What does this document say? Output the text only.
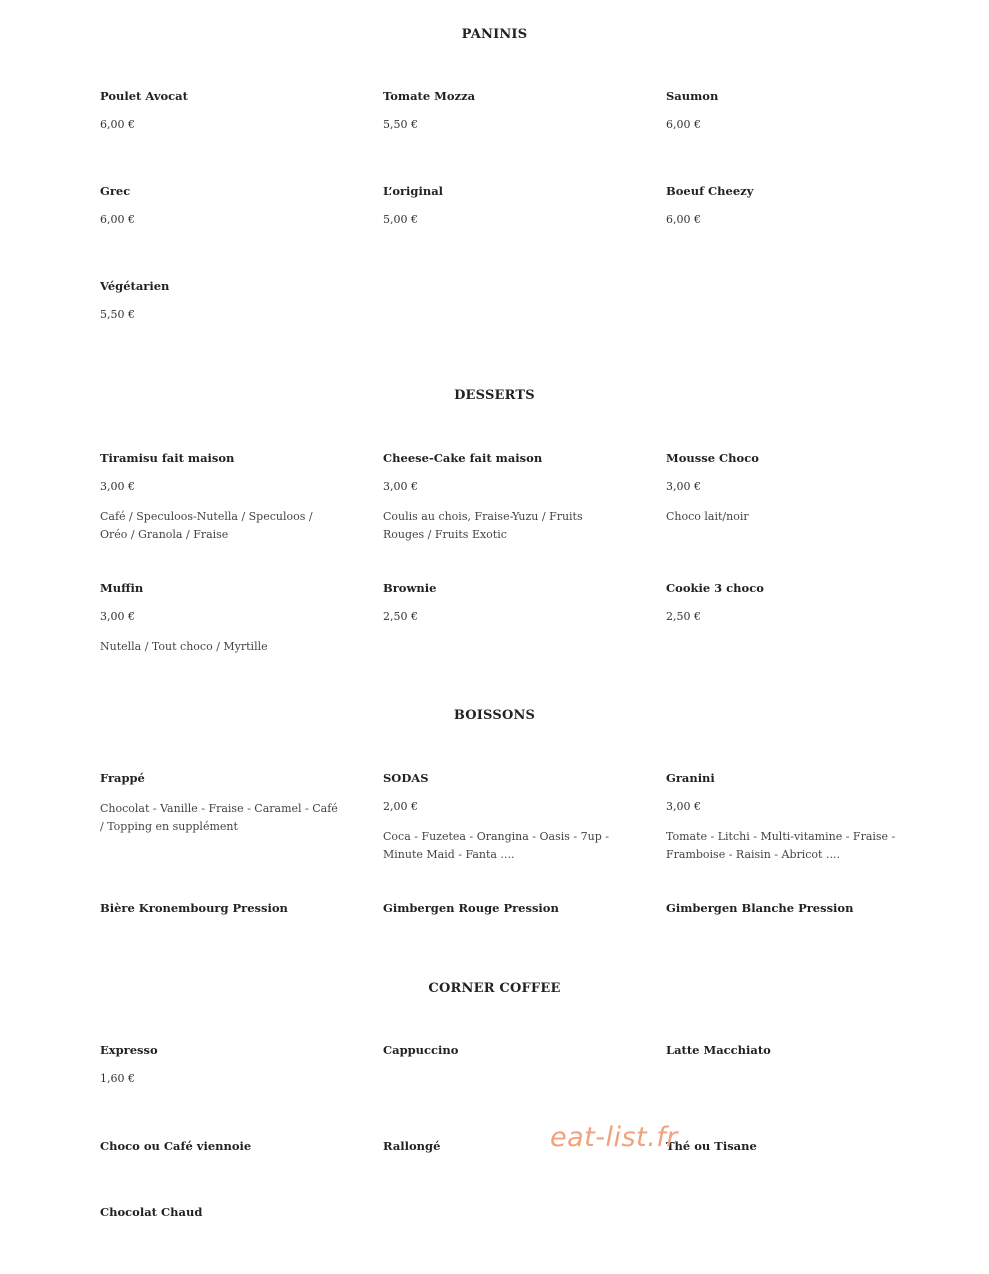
PANINIS
Poulet Avocat
6,00 €
Tomate Mozza
5,50 €
Saumon
6,00 €
Grec
6,00 €
L’original
5,00 €
Boeuf Cheezy
6,00 €
Végétarien
5,50 €
DESSERTS
Tiramisu fait maison
3,00 €
Café / Speculoos-Nutella / Speculoos / Oréo / Granola / Fraise
Cheese-Cake fait maison
3,00 €
Coulis au chois, Fraise-Yuzu / Fruits Rouges / Fruits Exotic
Mousse Choco
3,00 €
Choco lait/noir
Muffin
3,00 €
Nutella / Tout choco / Myrtille
Brownie
2,50 €
Cookie 3 choco
2,50 €
BOISSONS
Frappé
Chocolat - Vanille - Fraise - Caramel - Café / Topping en supplément
SODAS
2,00 €
Coca - Fuzetea - Orangina - Oasis - 7up - Minute Maid - Fanta ....
Granini
3,00 €
Tomate - Litchi - Multi-vitamine - Fraise - Framboise - Raisin - Abricot ....
Bière Kronembourg Pression	Gimbergen Rouge Pression	Gimbergen Blanche Pression
CORNER COFFEE
Expresso
1,60 €
Cappuccino	Latte Macchiato
Choco ou Café viennoie	Rallongé	Thé ou Tisane
Chocolat Chaud
eat-list.fr
